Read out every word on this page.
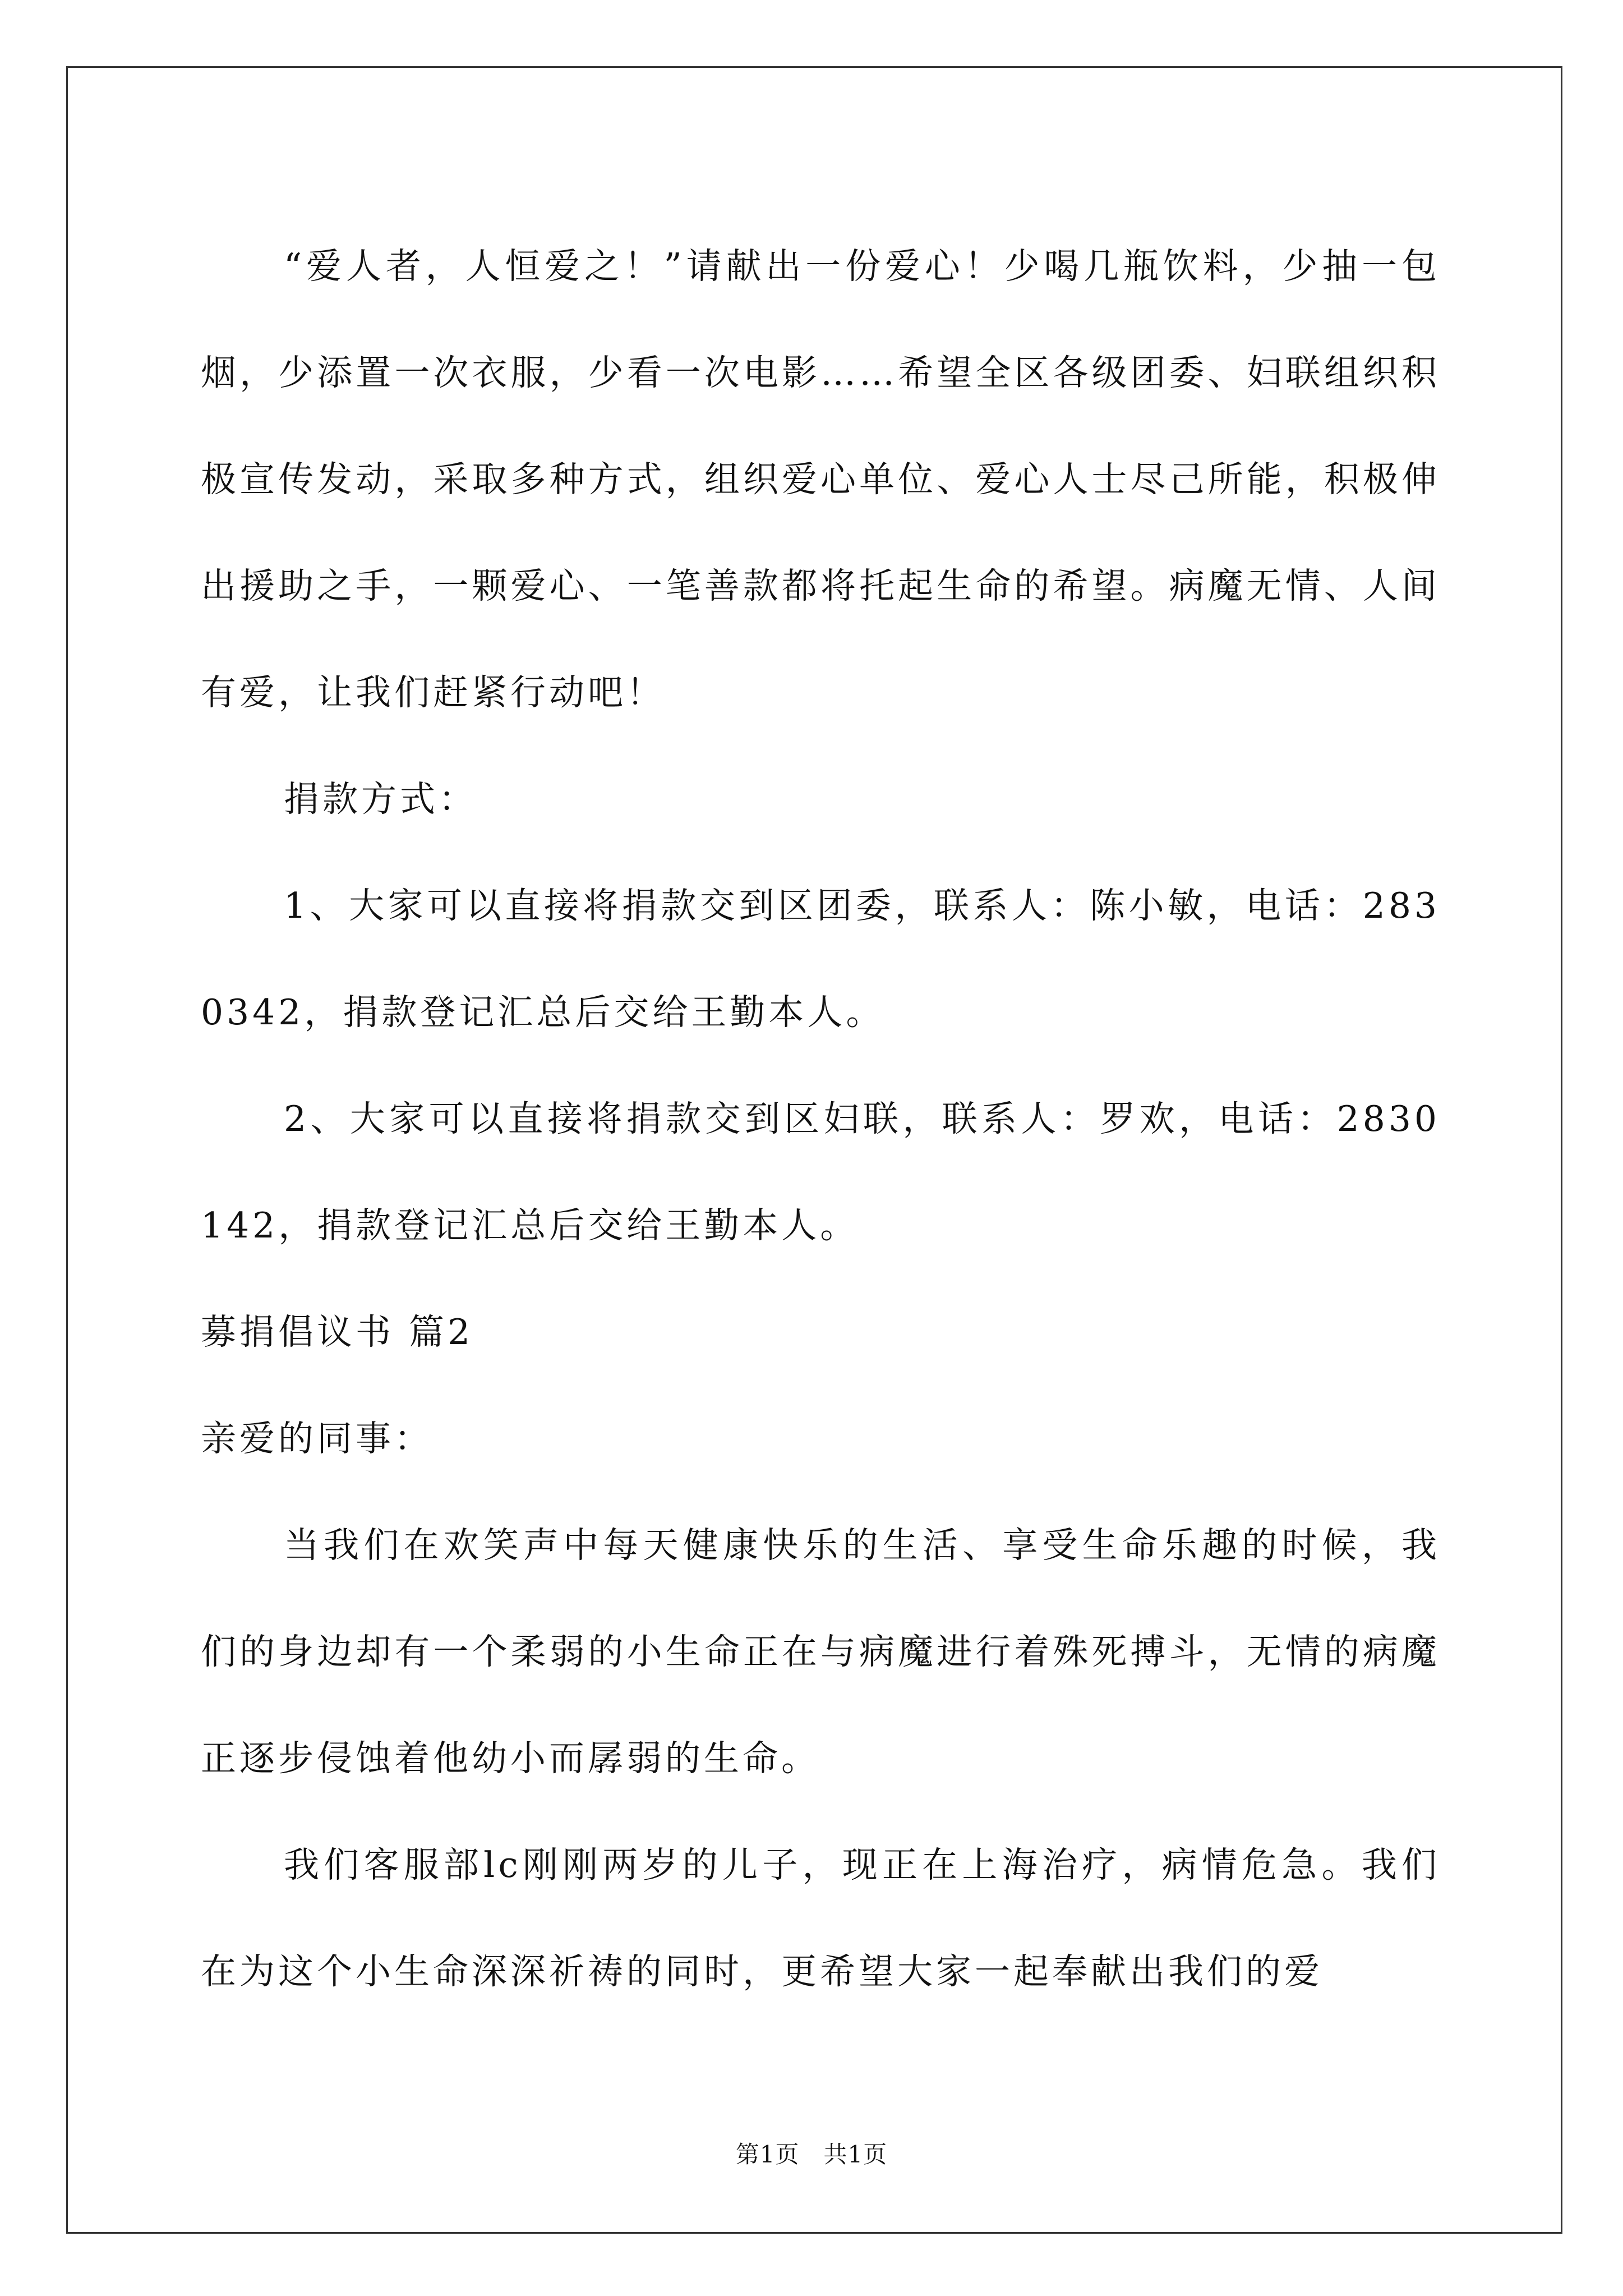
“爱人者，人恒爱之！”请献出一份爱心！少喝几瓶饮料，少抽一包烟，少添置一次衣服，少看一次电影……希望全区各级团委、妇联组织积极宣传发动，采取多种方式，组织爱心单位、爱心人士尽己所能，积极伸出援助之手，一颗爱心、一笔善款都将托起生命的希望。病魔无情、人间有爱，让我们赶紧行动吧！

捐款方式：

1、大家可以直接将捐款交到区团委，联系人：陈小敏，电话：2830342，捐款登记汇总后交给王勤本人。

2、大家可以直接将捐款交到区妇联，联系人：罗欢，电话：2830142，捐款登记汇总后交给王勤本人。

募捐倡议书 篇2

亲爱的同事：

当我们在欢笑声中每天健康快乐的生活、享受生命乐趣的时候，我们的身边却有一个柔弱的小生命正在与病魔进行着殊死搏斗，无情的病魔正逐步侵蚀着他幼小而孱弱的生命。

我们客服部lc刚刚两岁的儿子，现正在上海治疗，病情危急。我们在为这个小生命深深祈祷的同时，更希望大家一起奉献出我们的爱

第1页　共1页
